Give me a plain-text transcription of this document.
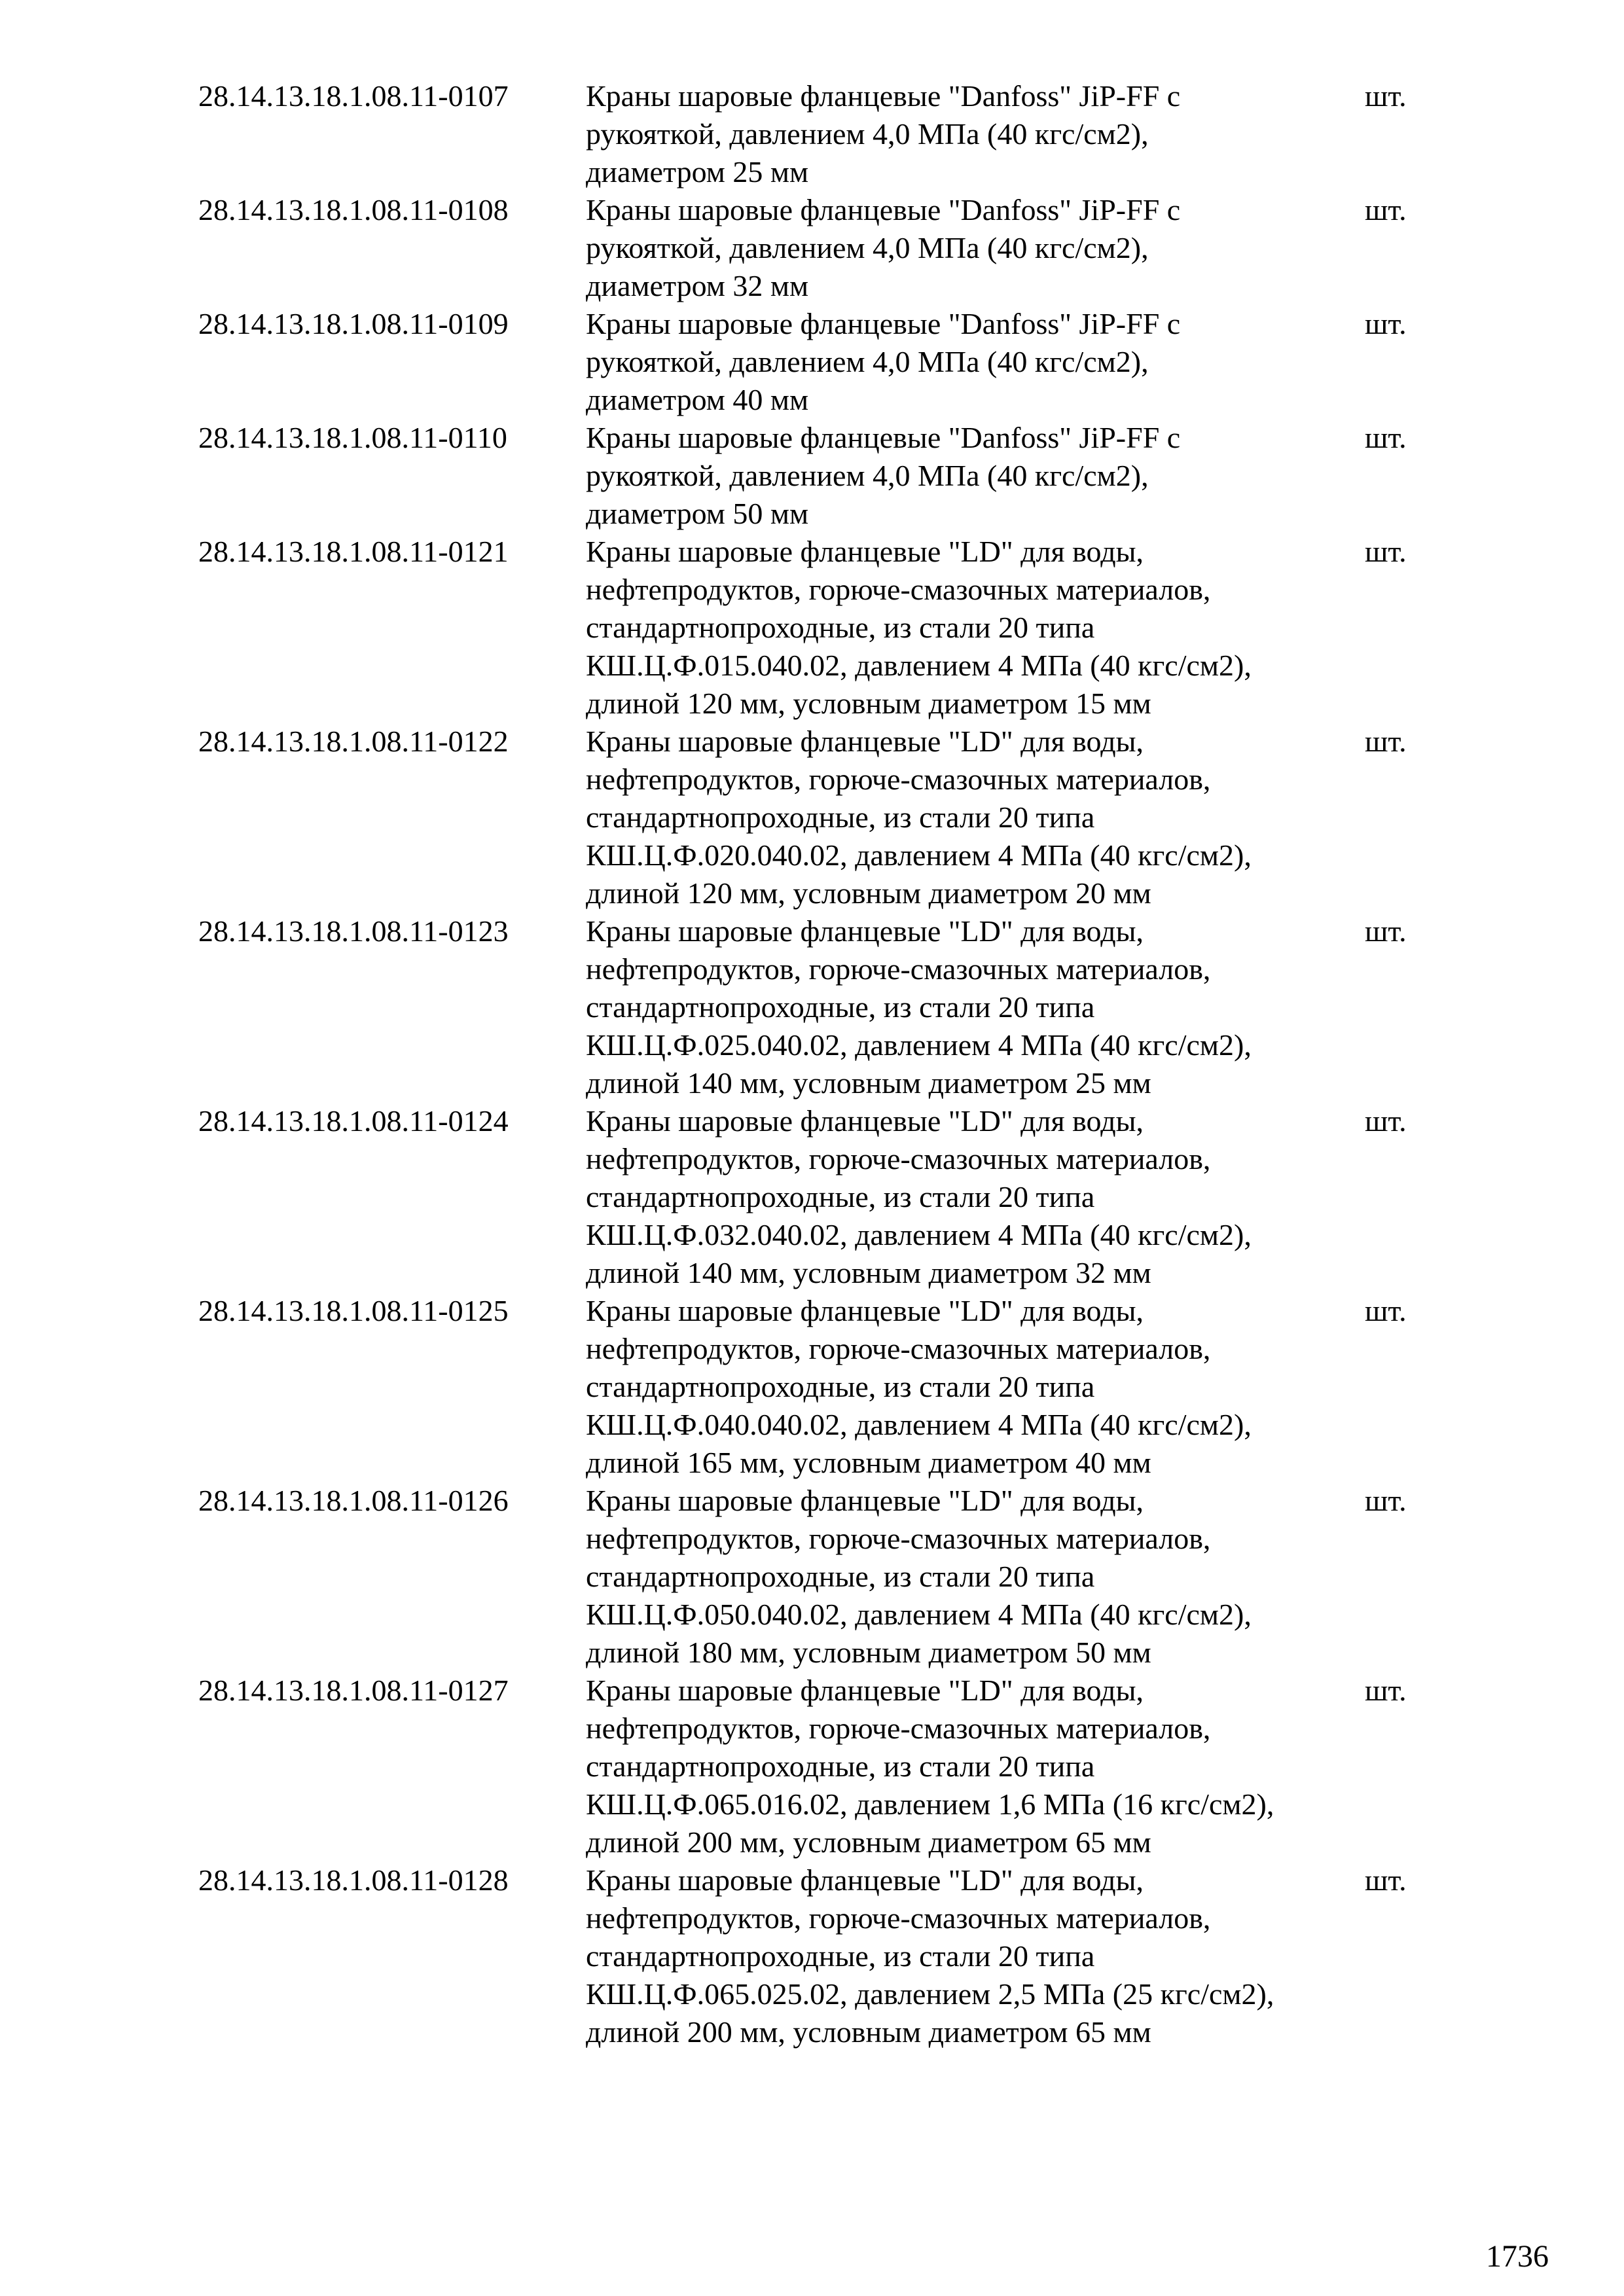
28.14.13.18.1.08.11-0107	Краны шаровые фланцевые "Danfoss" JiP-FF с
рукояткой, давлением 4,0 МПа (40 кгс/см2),
диаметром 25 мм
шт.
28.14.13.18.1.08.11-0108	Краны шаровые фланцевые "Danfoss" JiP-FF с
рукояткой, давлением 4,0 МПа (40 кгс/см2),
диаметром 32 мм
шт.
28.14.13.18.1.08.11-0109	Краны шаровые фланцевые "Danfoss" JiP-FF с
рукояткой, давлением 4,0 МПа (40 кгс/см2),
диаметром 40 мм
шт.
28.14.13.18.1.08.11-0110	Краны шаровые фланцевые "Danfoss" JiP-FF с
рукояткой, давлением 4,0 МПа (40 кгс/см2),
диаметром 50 мм
шт.
28.14.13.18.1.08.11-0121	Краны шаровые фланцевые "LD" для воды,
нефтепродуктов, горюче-смазочных материалов,
стандартнопроходные, из стали 20 типа
КШ.Ц.Ф.015.040.02, давлением 4 МПа (40 кгс/см2),
длиной 120 мм, условным диаметром 15 мм
шт.
28.14.13.18.1.08.11-0122	Краны шаровые фланцевые "LD" для воды,
нефтепродуктов, горюче-смазочных материалов,
стандартнопроходные, из стали 20 типа
КШ.Ц.Ф.020.040.02, давлением 4 МПа (40 кгс/см2),
длиной 120 мм, условным диаметром 20 мм
шт.
28.14.13.18.1.08.11-0123	Краны шаровые фланцевые "LD" для воды,
нефтепродуктов, горюче-смазочных материалов,
стандартнопроходные, из стали 20 типа
КШ.Ц.Ф.025.040.02, давлением 4 МПа (40 кгс/см2),
длиной 140 мм, условным диаметром 25 мм
шт.
28.14.13.18.1.08.11-0124	Краны шаровые фланцевые "LD" для воды,
нефтепродуктов, горюче-смазочных материалов,
стандартнопроходные, из стали 20 типа
КШ.Ц.Ф.032.040.02, давлением 4 МПа (40 кгс/см2),
длиной 140 мм, условным диаметром 32 мм
шт.
28.14.13.18.1.08.11-0125	Краны шаровые фланцевые "LD" для воды,
нефтепродуктов, горюче-смазочных материалов,
стандартнопроходные, из стали 20 типа
КШ.Ц.Ф.040.040.02, давлением 4 МПа (40 кгс/см2),
длиной 165 мм, условным диаметром 40 мм
шт.
28.14.13.18.1.08.11-0126	Краны шаровые фланцевые "LD" для воды,
нефтепродуктов, горюче-смазочных материалов,
стандартнопроходные, из стали 20 типа
КШ.Ц.Ф.050.040.02, давлением 4 МПа (40 кгс/см2),
длиной 180 мм, условным диаметром 50 мм
шт.
28.14.13.18.1.08.11-0127	Краны шаровые фланцевые "LD" для воды,
нефтепродуктов, горюче-смазочных материалов,
стандартнопроходные, из стали 20 типа
КШ.Ц.Ф.065.016.02, давлением 1,6 МПа (16 кгс/см2),
длиной 200 мм, условным диаметром 65 мм
шт.
28.14.13.18.1.08.11-0128	Краны шаровые фланцевые "LD" для воды,
нефтепродуктов, горюче-смазочных материалов,
стандартнопроходные, из стали 20 типа
КШ.Ц.Ф.065.025.02, давлением 2,5 МПа (25 кгс/см2),
длиной 200 мм, условным диаметром 65 мм
шт.
1736
